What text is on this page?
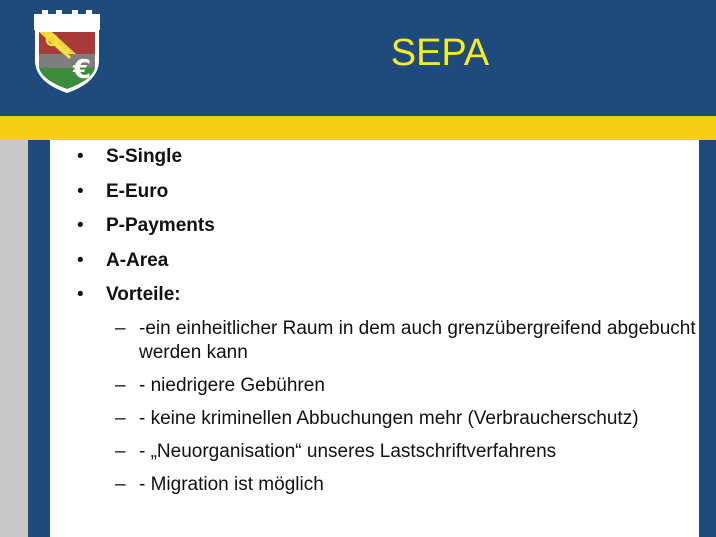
€	SEPA
• S-Single
• E-Euro
• P-Payments
• A-Area
• Vorteile:
– -ein einheitlicher Raum in dem auch grenzübergreifend abgebucht werden kann
– - niedrigere Gebühren
– - keine kriminellen Abbuchungen mehr (Verbraucherschutz)
– - „Neuorganisation“ unseres Lastschriftverfahrens
– - Migration ist möglich
